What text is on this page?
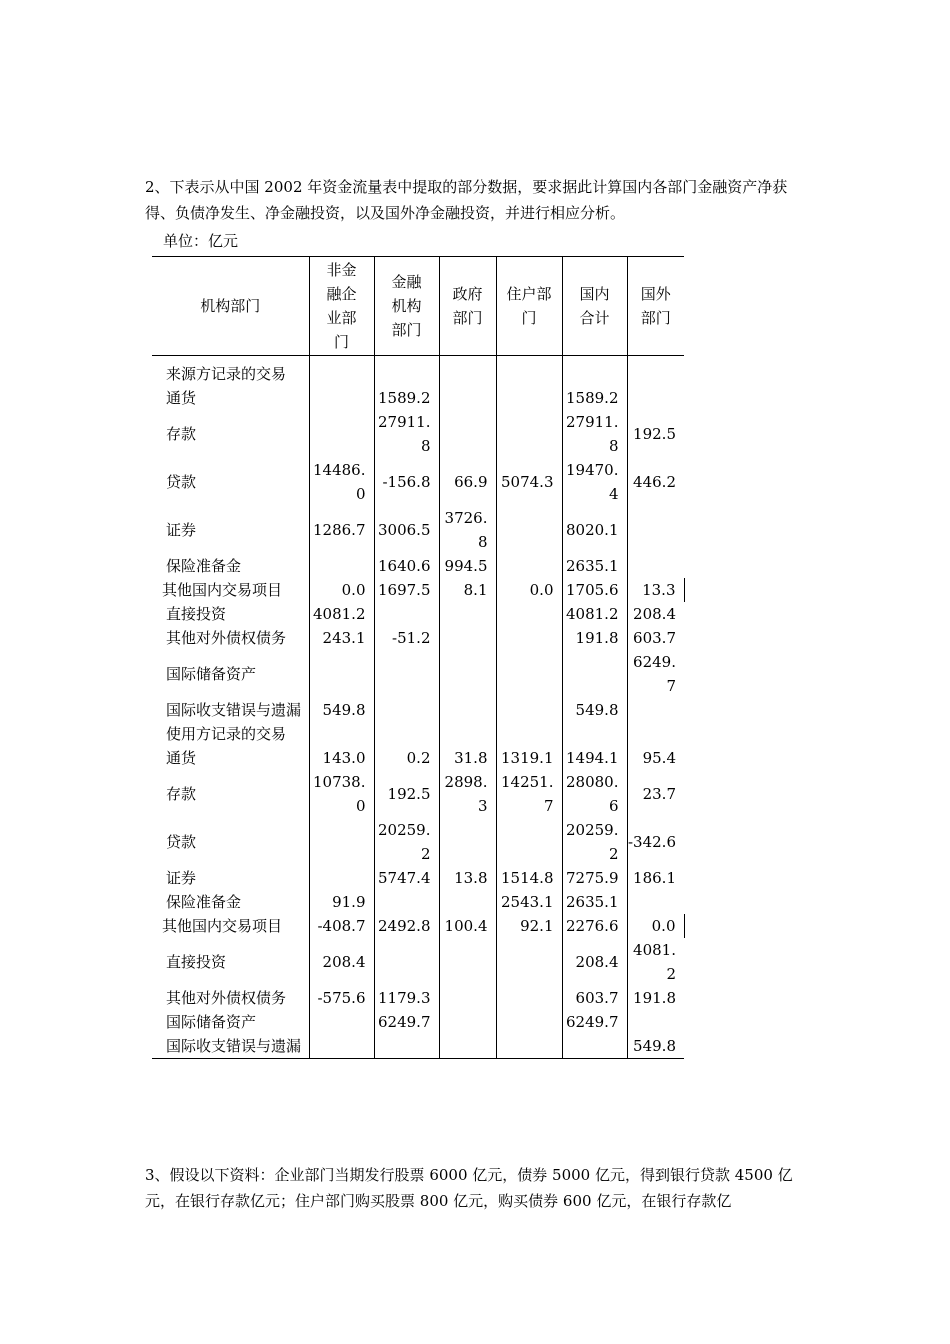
2、下表示从中国 2002 年资金流量表中提取的部分数据，要求据此计算国内各部门金融资产净获得、负债净发生、净金融投资，以及国外净金融投资，并进行相应分析。

单位：亿元
机构部门	非金融企业部门	金融机构部门	政府部门	住户部门	国内合计	国外部门
来源方记录的交易						
通货		1589.2			1589.2	
存款		27911.8			27911.8	192.5
贷款	14486.0	-156.8	66.9	5074.3	19470.4	446.2
证券	1286.7	3006.5	3726.8		8020.1	
保险准备金		1640.6	994.5		2635.1	
其他国内交易项目	0.0	1697.5	8.1	0.0	1705.6	13.3
直接投资	4081.2				4081.2	208.4
其他对外债权债务	243.1	-51.2			191.8	603.7
国际储备资产						6249.7
国际收支错误与遗漏	549.8				549.8	
使用方记录的交易						
通货	143.0	0.2	31.8	1319.1	1494.1	95.4
存款	10738.0	192.5	2898.3	14251.7	28080.6	23.7
贷款		20259.2			20259.2	-342.6
证券		5747.4	13.8	1514.8	7275.9	186.1
保险准备金	91.9			2543.1	2635.1	
其他国内交易项目	-408.7	2492.8	100.4	92.1	2276.6	0.0
直接投资	208.4				208.4	4081.2
其他对外债权债务	-575.6	1179.3			603.7	191.8
国际储备资产		6249.7			6249.7	
国际收支错误与遗漏						549.8

3、假设以下资料：企业部门当期发行股票 6000 亿元，债券 5000 亿元，得到银行贷款 4500 亿元，在银行存款亿元；住户部门购买股票 800 亿元，购买债券 600 亿元，在银行存款亿
